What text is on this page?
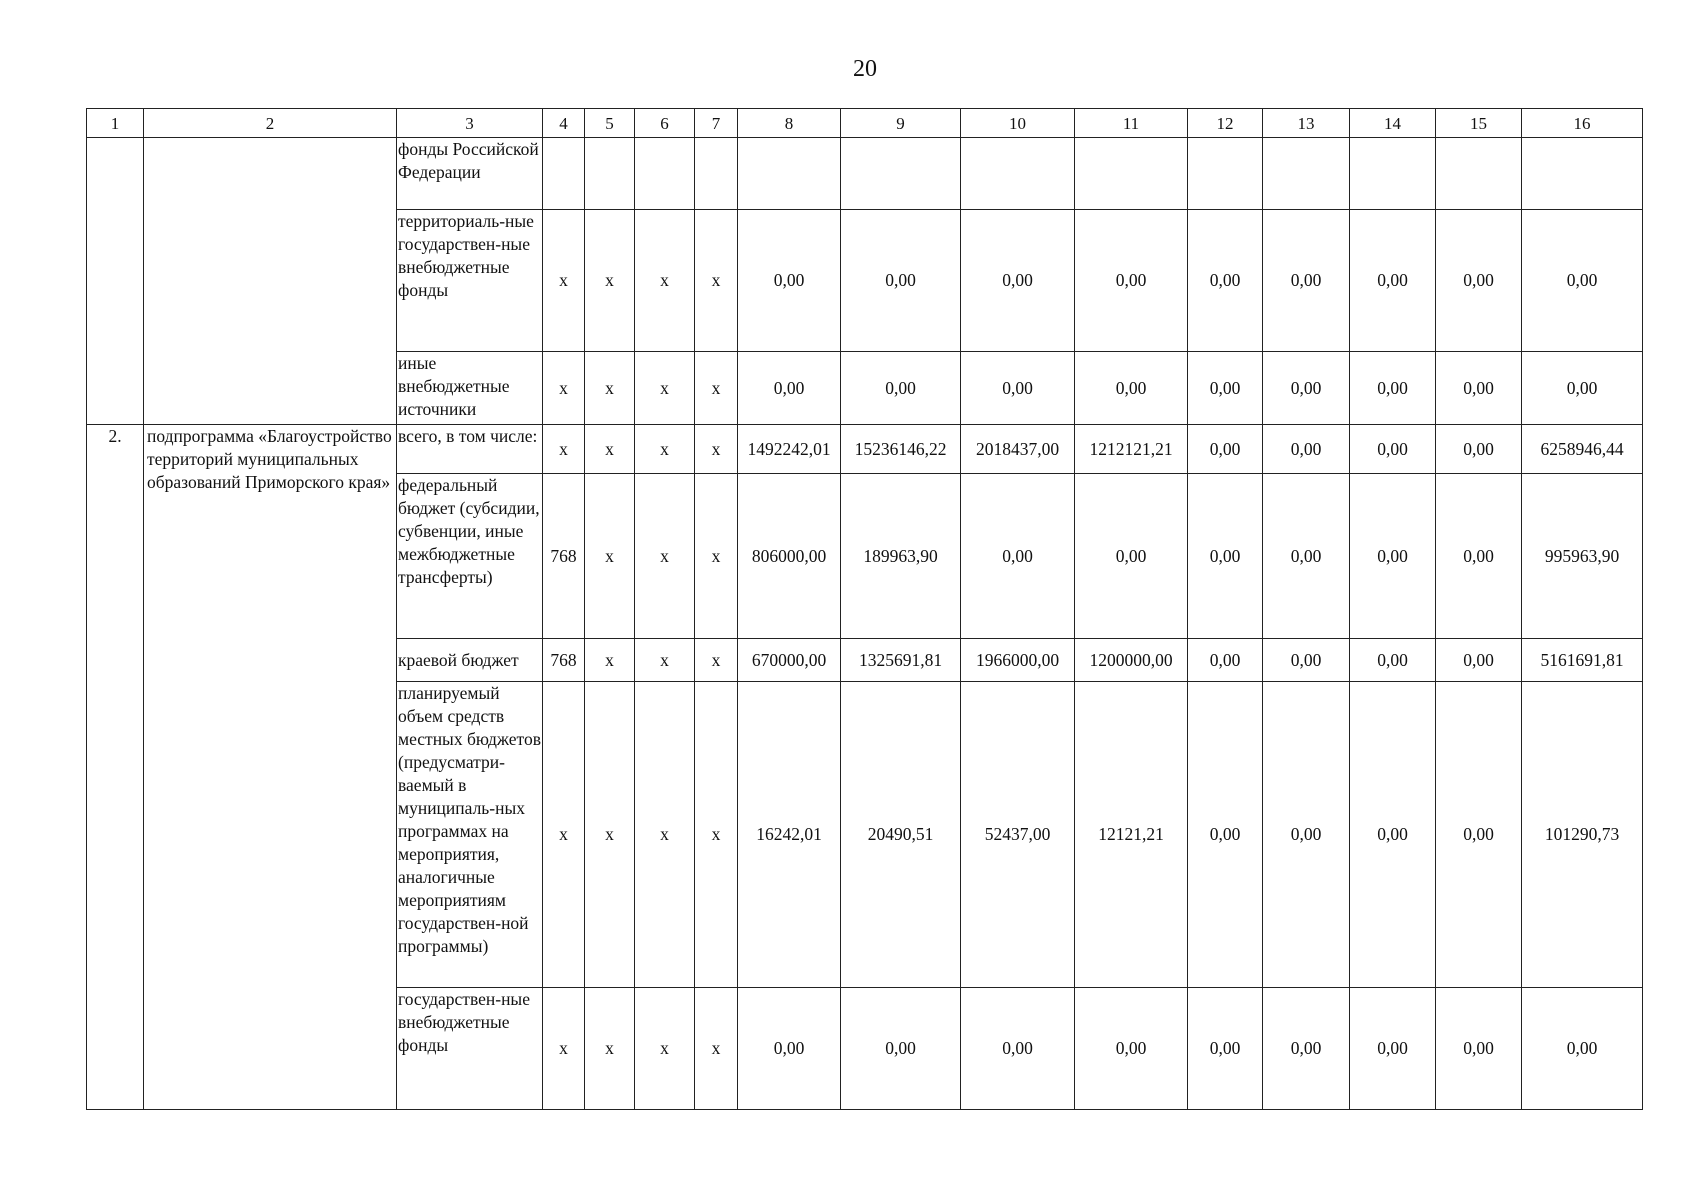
20
1	2	3	4	5	6	7	8	9	10	11	12	13	14	15	16
		фонды Российской Федерации													
		территориаль-ные государствен-ные внебюджетные фонды	x	x	x	x	0,00	0,00	0,00	0,00	0,00	0,00	0,00	0,00	0,00
		иные внебюджетные источники	x	x	x	x	0,00	0,00	0,00	0,00	0,00	0,00	0,00	0,00	0,00
2.	подпрограмма «Благоустройство территорий муниципальных образований Приморского края»	всего, в том числе:	x	x	x	x	1492242,01	15236146,22	2018437,00	1212121,21	0,00	0,00	0,00	0,00	6258946,44
		федеральный бюджет (субсидии, субвенции, иные межбюджетные трансферты)	768	x	x	x	806000,00	189963,90	0,00	0,00	0,00	0,00	0,00	0,00	995963,90
		краевой бюджет	768	x	x	x	670000,00	1325691,81	1966000,00	1200000,00	0,00	0,00	0,00	0,00	5161691,81
		планируемый объем средств местных бюджетов (предусматри-ваемый в муниципаль-ных программах на мероприятия, аналогичные мероприятиям государствен-ной программы)	x	x	x	x	16242,01	20490,51	52437,00	12121,21	0,00	0,00	0,00	0,00	101290,73
		государствен-ные внебюджетные фонды	x	x	x	x	0,00	0,00	0,00	0,00	0,00	0,00	0,00	0,00	0,00
